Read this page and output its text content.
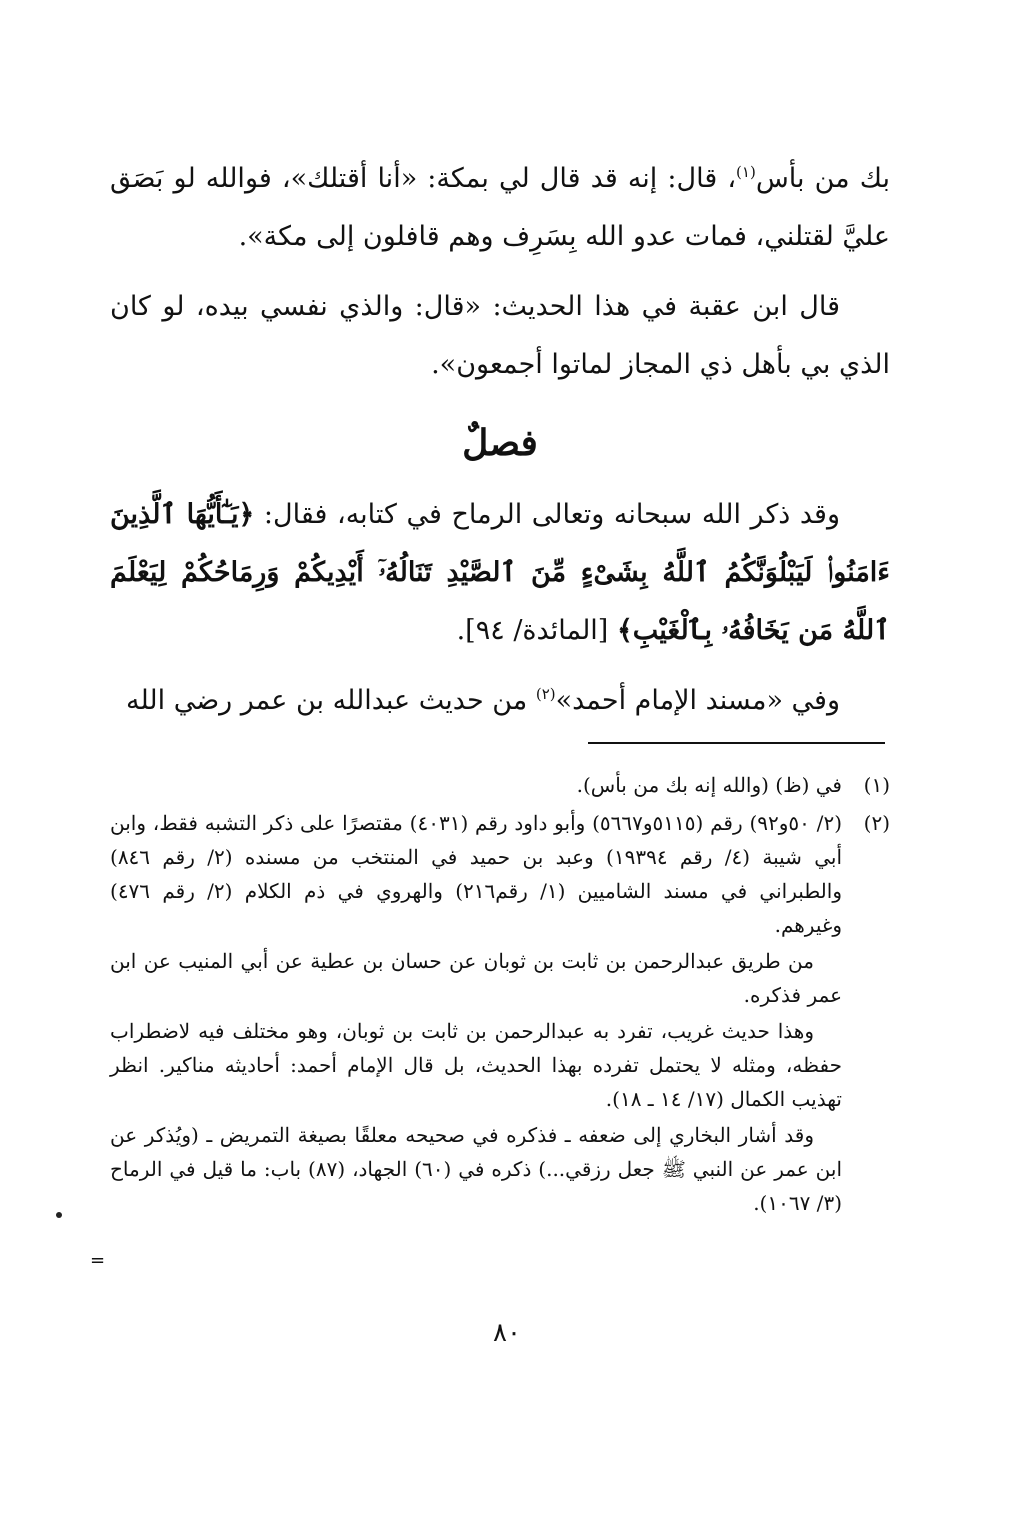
بك من بأس$^{(١)}$، قال: إنه قد قال لي بمكة: «أنا أقتلك»، فوالله لو بَصَق عليَّ لقتلني، فمات عدو الله بِسَرِف وهم قافلون إلى مكة».

قال ابن عقبة في هذا الحديث: «قال: والذي نفسي بيده، لو كان الذي بي بأهل ذي المجاز لماتوا أجمعون».

فصلٌ

وقد ذكر الله سبحانه وتعالى الرماح في كتابه، فقال: ﴿يَـٰٓأَيُّهَا ٱلَّذِينَ ءَامَنُوا۟ لَيَبْلُوَنَّكُمُ ٱللَّهُ بِشَىْءٍ مِّنَ ٱلصَّيْدِ تَنَالُهُۥٓ أَيْدِيكُمْ وَرِمَاحُكُمْ لِيَعْلَمَ ٱللَّهُ مَن يَخَافُهُۥ بِٱلْغَيْبِ﴾ [المائدة/ ٩٤].

وفي «مسند الإمام أحمد»$^{(٢)}$ من حديث عبدالله بن عمر رضي الله

(١)

في (ظ) (والله إنه بك من بأس).

(٢)

(٢/ ٥٠و٩٢) رقم (٥١١٥و٥٦٦٧) وأبو داود رقم (٤٠٣١) مقتصرًا على ذكر التشبه فقط، وابن أبي شيبة (٤/ رقم ١٩٣٩٤) وعبد بن حميد في المنتخب من مسنده (٢/ رقم ٨٤٦) والطبراني في مسند الشاميين (١/ رقم٢١٦) والهروي في ذم الكلام (٢/ رقم ٤٧٦) وغيرهم.

من طريق عبدالرحمن بن ثابت بن ثوبان عن حسان بن عطية عن أبي المنيب عن ابن عمر فذكره.

وهذا حديث غريب، تفرد به عبدالرحمن بن ثابت بن ثوبان، وهو مختلف فيه لاضطراب حفظه، ومثله لا يحتمل تفرده بهذا الحديث، بل قال الإمام أحمد: أحاديثه مناكير. انظر تهذيب الكمال (١٧/ ١٤ ـ ١٨).

وقد أشار البخاري إلى ضعفه ـ فذكره في صحيحه معلقًا بصيغة التمريض ـ (ويُذكر عن ابن عمر عن النبي ﷺ جعل رزقي...) ذكره في (٦٠) الجهاد، (٨٧) باب: ما قيل في الرماح (٣/ ١٠٦٧).

=
٨٠
